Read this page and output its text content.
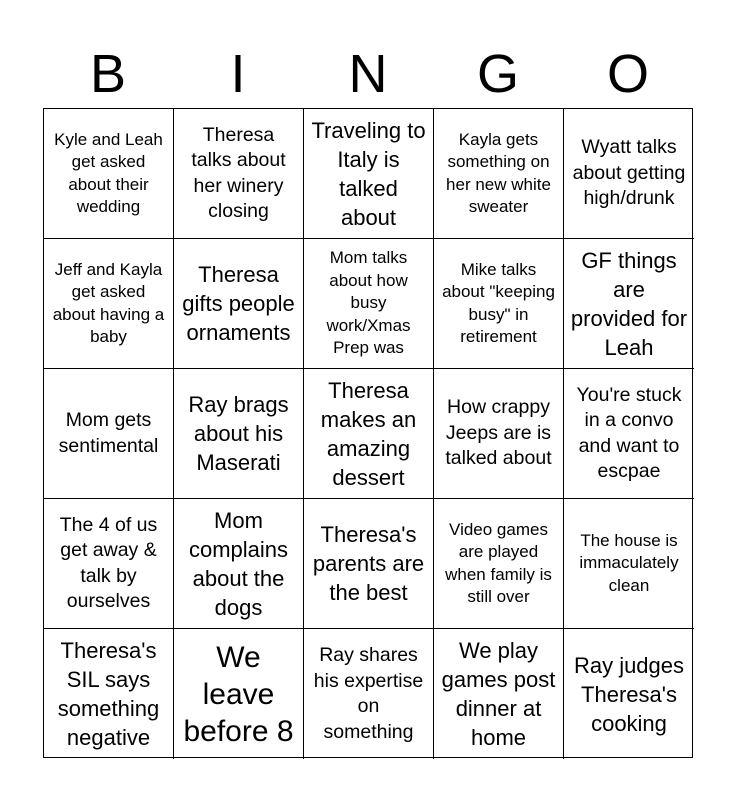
B	I	N	G	O
Kyle and Leah get asked about their wedding
Theresa talks about her winery closing
Traveling to Italy is talked about
Kayla gets something on her new white sweater
Wyatt talks about getting high/drunk
Jeff and Kayla get asked about having a baby
Theresa gifts people ornaments
Mom talks about how busy work/Xmas Prep was
Mike talks about "keeping busy" in retirement
GF things are provided for Leah
Mom gets sentimental
Ray brags about his Maserati
Theresa makes an amazing dessert
How crappy Jeeps are is talked about
You're stuck in a convo and want to escpae
The 4 of us get away & talk by ourselves
Mom complains about the dogs
Theresa's parents are the best
Video games are played when family is still over
The house is immaculately clean
Theresa's SIL says something negative
We leave before 8
Ray shares his expertise on something
We play games post dinner at home
Ray judges Theresa's cooking
